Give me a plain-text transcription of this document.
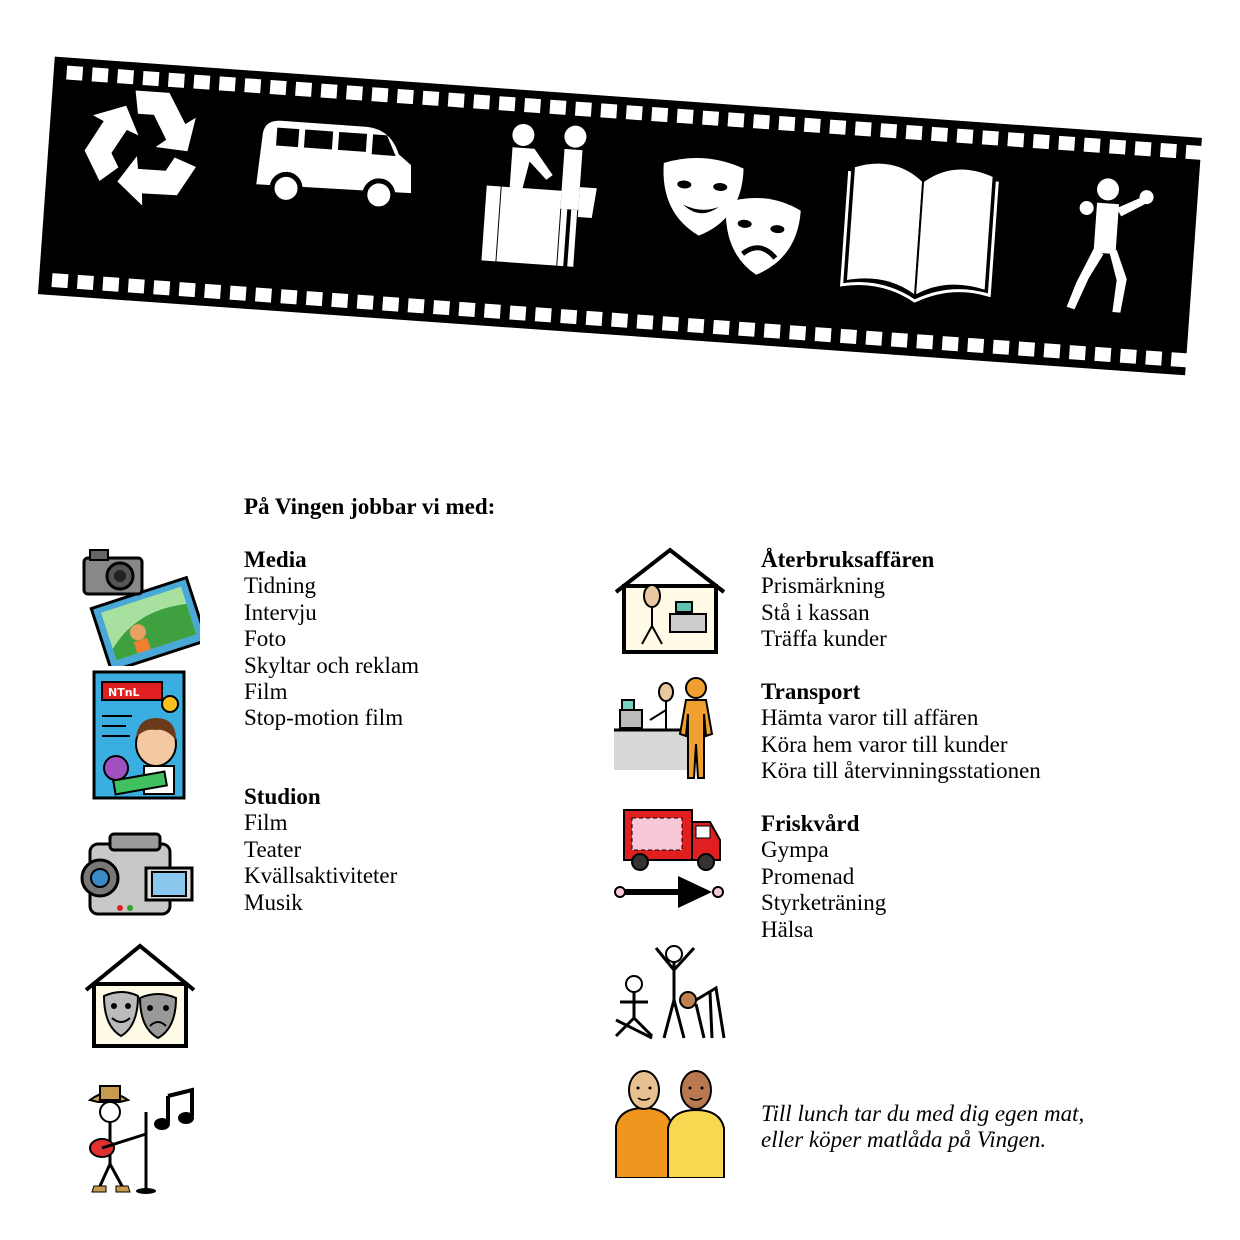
På Vingen jobbar vi med:
Media
Tidning
Intervju
Foto
Skyltar och reklam
Film
Stop-motion film
Studion
Film
Teater
Kvällsaktiviteter
Musik
Återbruksaffären
Prismärkning
Stå i kassan
Träffa kunder
Transport
Hämta varor till affären
Köra hem varor till kunder
Köra till återvinningsstationen
Friskvård
Gympa
Promenad
Styrketräning
Hälsa
Till lunch tar du med dig egen mat,
eller köper matlåda på Vingen.
NTnL
